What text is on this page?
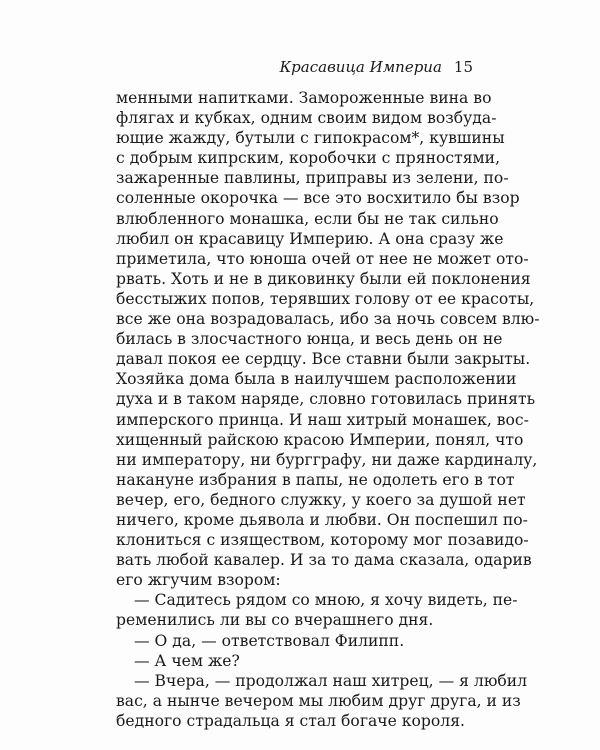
Красавица Империа 15
менными напитками. Замороженные вина во
флягах и кубках, одним своим видом возбуда-
ющие жажду, бутыли с гипокрасом*, кувшины
с добрым кипрским, коробочки с пряностями,
зажаренные павлины, приправы из зелени, по-
соленные окорочка — все это восхитило бы взор
влюбленного монашка, если бы не так сильно
любил он красавицу Империю. А она сразу же
приметила, что юноша очей от нее не может ото-
рвать. Хоть и не в диковинку были ей поклонения
бесстыжих попов, терявших голову от ее красоты,
все же она возрадовалась, ибо за ночь совсем влю-
билась в злосчастного юнца, и весь день он не
давал покоя ее сердцу. Все ставни были закрыты.
Хозяйка дома была в наилучшем расположении
духа и в таком наряде, словно готовилась принять
имперского принца. И наш хитрый монашек, вос-
хищенный райскою красою Империи, понял, что
ни императору, ни бургграфу, ни даже кардиналу,
накануне избрания в папы, не одолеть его в тот
вечер, его, бедного служку, у коего за душой нет
ничего, кроме дьявола и любви. Он поспешил по-
клониться с изяществом, которому мог позавидо-
вать любой кавалер. И за то дама сказала, одарив
его жгучим взором:
— Садитесь рядом со мною, я хочу видеть, пе-
ременились ли вы со вчерашнего дня.
— О да, — ответствовал Филипп.
— А чем же?
— Вчера, — продолжал наш хитрец, — я любил
вас, а нынче вечером мы любим друг друга, и из
бедного страдальца я стал богаче короля.
